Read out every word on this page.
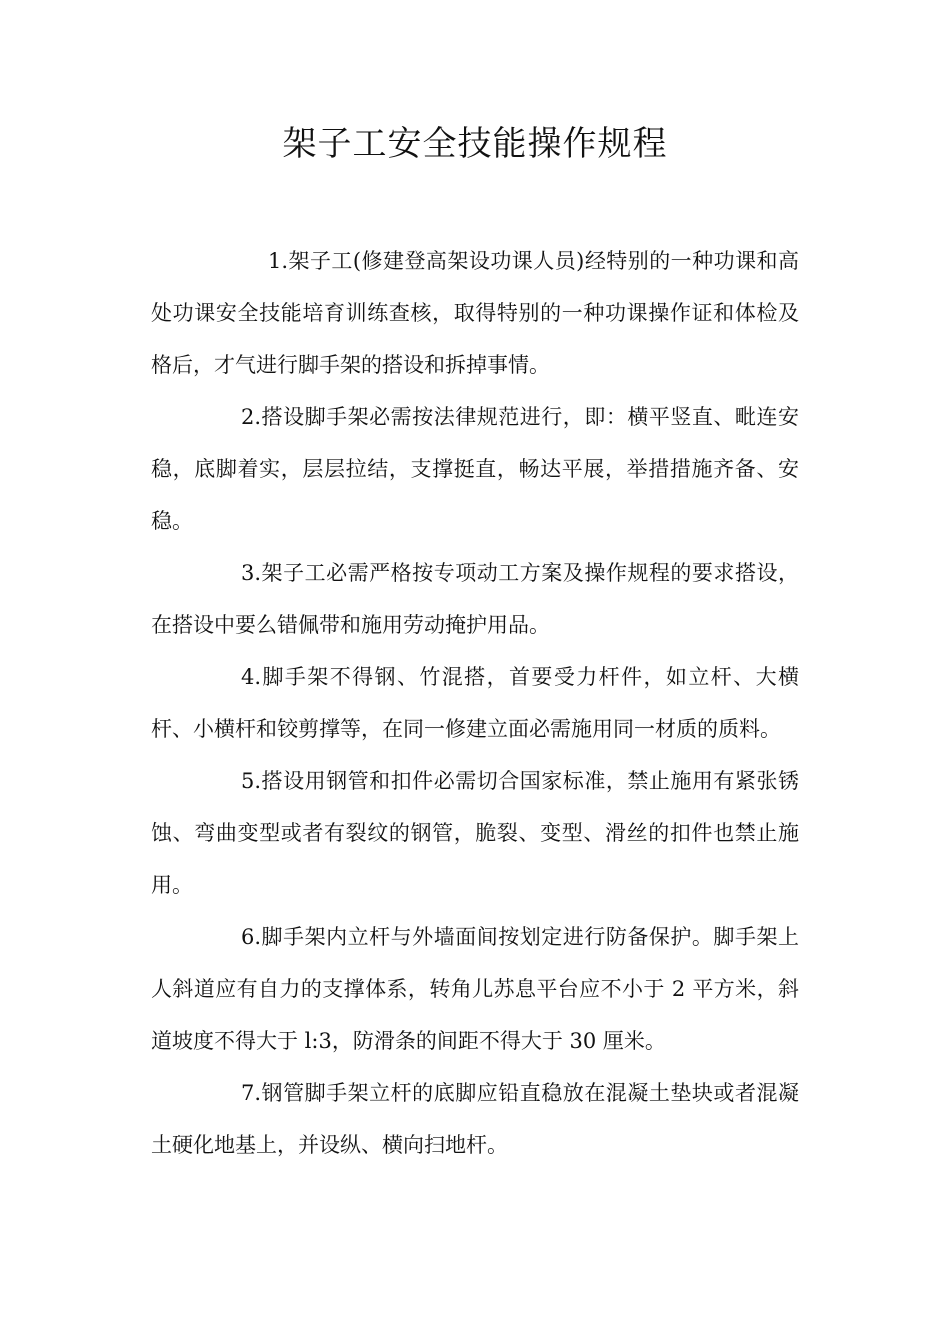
架子工安全技能操作规程

1.架子工(修建登高架设功课人员)经特别的一种功课和高处功课安全技能培育训练查核，取得特别的一种功课操作证和体检及格后，才气进行脚手架的搭设和拆掉事情。

2.搭设脚手架必需按法律规范进行，即：横平竖直、毗连安稳，底脚着实，层层拉结，支撑挺直，畅达平展，举措措施齐备、安稳。

3.架子工必需严格按专项动工方案及操作规程的要求搭设，在搭设中要么错佩带和施用劳动掩护用品。

4.脚手架不得钢、竹混搭，首要受力杆件，如立杆、大横杆、小横杆和铰剪撑等，在同一修建立面必需施用同一材质的质料。

5.搭设用钢管和扣件必需切合国家标准，禁止施用有紧张锈蚀、弯曲变型或者有裂纹的钢管，脆裂、变型、滑丝的扣件也禁止施用。

6.脚手架内立杆与外墙面间按划定进行防备保护。脚手架上人斜道应有自力的支撑体系，转角儿苏息平台应不小于 2 平方米，斜道坡度不得大于 l:3，防滑条的间距不得大于 30 厘米。

7.钢管脚手架立杆的底脚应铅直稳放在混凝土垫块或者混凝土硬化地基上，并设纵、横向扫地杆。
